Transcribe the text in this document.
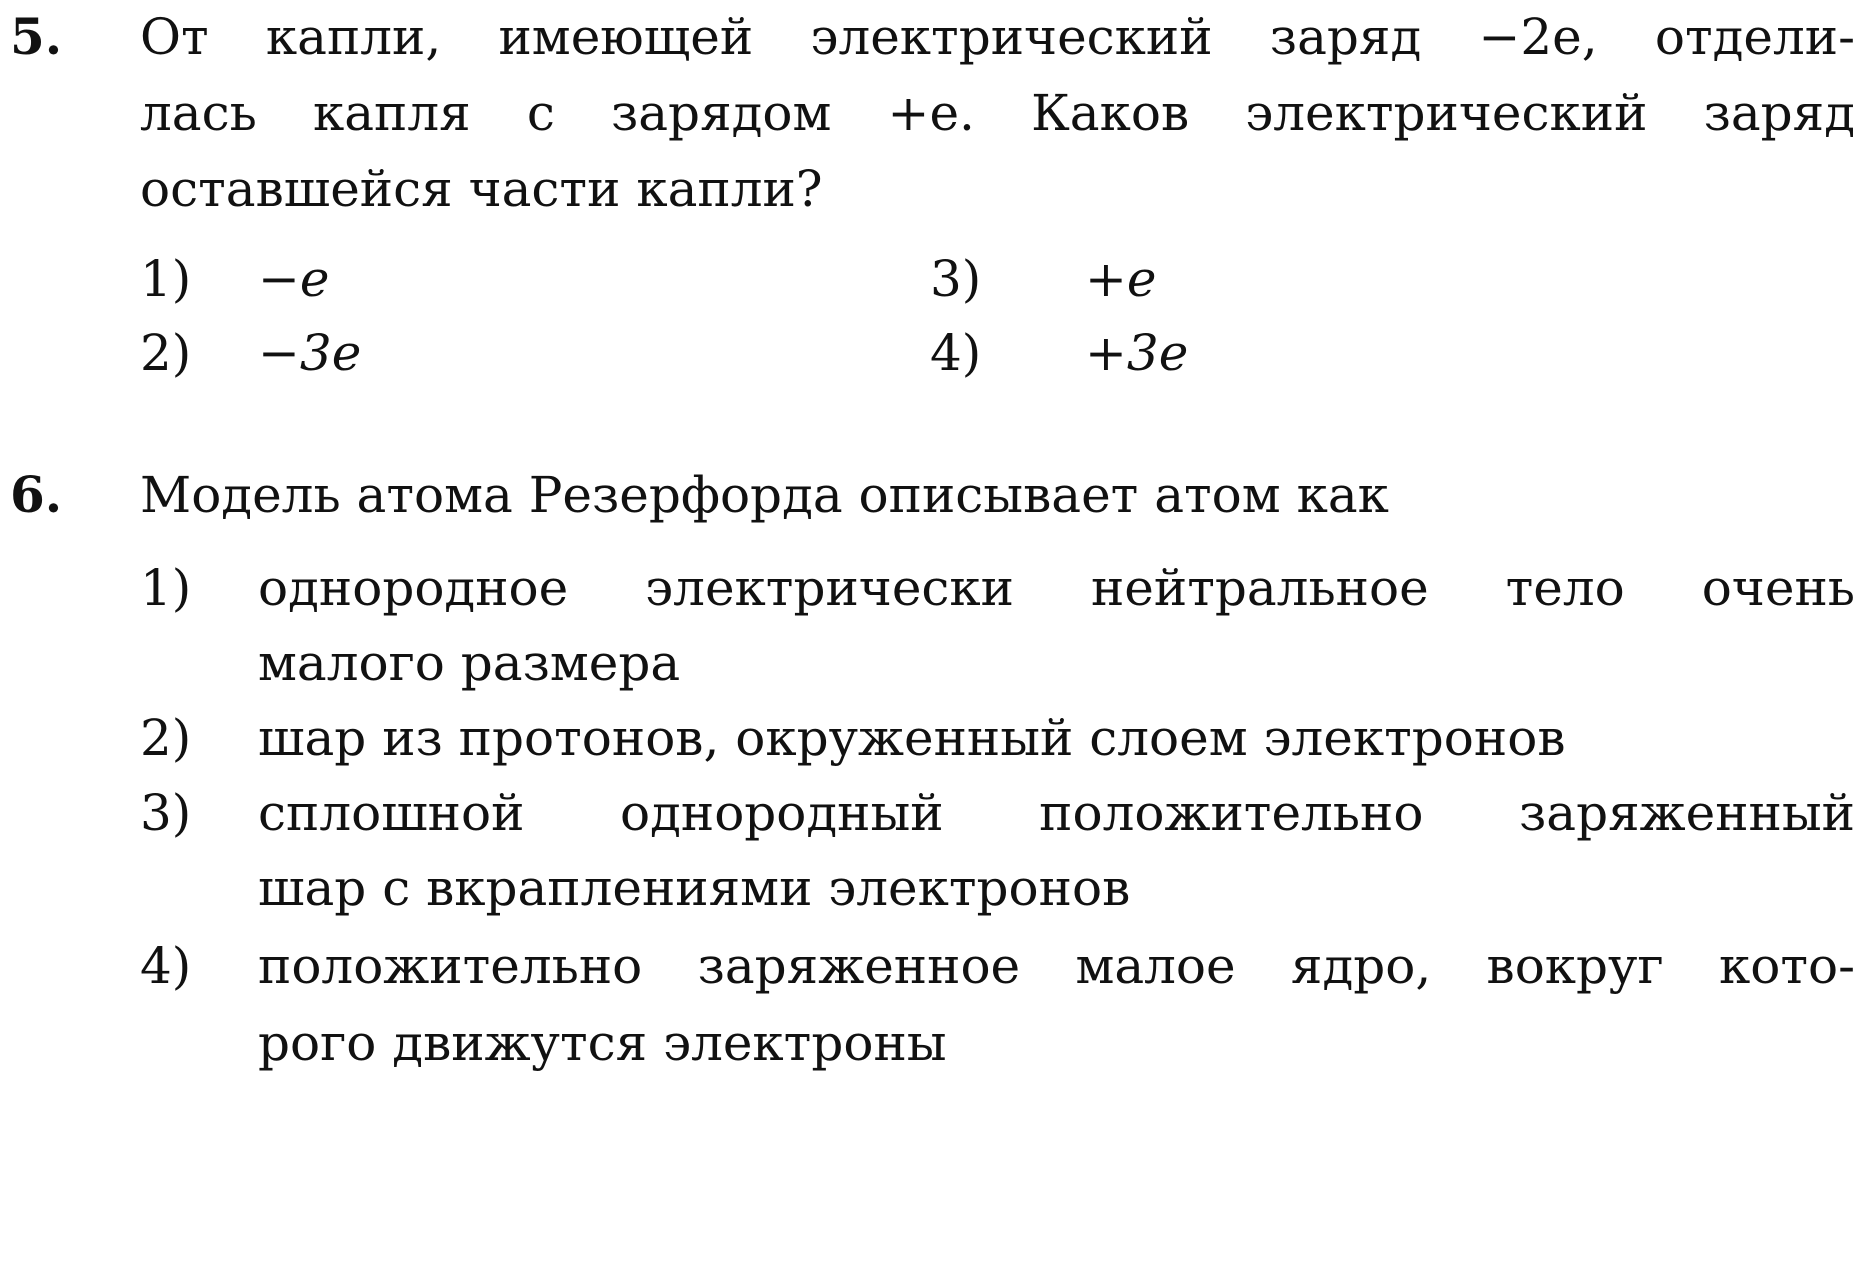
5. От капли, имеющей электрический заряд −2e, отдели-
лась капля с зарядом +e. Каков электрический заряд
оставшейся части капли?
1) −e
2) −3e
3) +e
4) +3e
6. Модель атома Резерфорда описывает атом как
1) однородное электрически нейтральное тело очень
малого размера
2) шар из протонов, окруженный слоем электронов
3) сплошной однородный положительно заряженный
шар с вкраплениями электронов
4) положительно заряженное малое ядро, вокруг кото-
рого движутся электроны
